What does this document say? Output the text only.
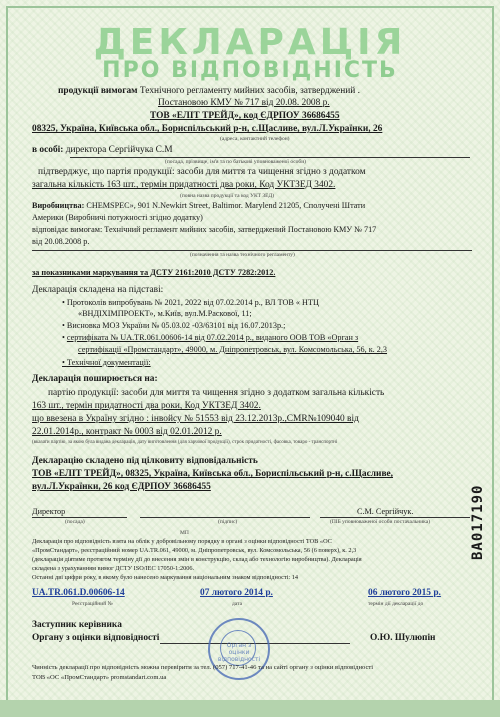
ДЕКЛАРАЦІЯ
ПРО ВІДПОВІДНІСТЬ
продукції вимогам Технічного регламенту мийних засобів, затверджений .
Постановою КМУ № 717 від 20.08. 2008 р.
ТОВ «ЕЛІТ ТРЕЙД», код ЄДРПОУ 36686455
08325, Україна, Київська обл., Бориспільський р-н, с.Щасливе, вул.Л.Українки, 26
(адреса, контактний телефон)
в особі: директора Сергійчука С.М
(посада, прізвище, ім'я та по батькові уповноваженої особи)
підтверджує, що партія продукції: засоби для миття та чищення згідно з додатком
загальна кількість 163 шт., термін придатності два роки, Код УКТЗЕД 3402.
(повна назва продукції та код УКТ ЗЕД)
Виробництва: CHEMSPEC», 901 N.Newkirt Street, Baltimor. Marylend 21205, Сполучені Штати
Америки (Виробничі потужності згідно додатку)
відповідає вимогам: Технічний регламент мийних засобів, затверджений Постановою КМУ № 717
від 20.08.2008 р.
(позначення та назва технічного регламенту)
за показниками маркування та ДСТУ 2161:2010 ДСТУ 7282:2012.
Декларація складена на підставі:
• Протоколів випробувань № 2021, 2022 від 07.02.2014 р., ВЛ ТОВ « НТЦ
«ВНДІХІМПРОЕКТ», м.Київ, вул.М.Раскової, 11;
• Висновка МОЗ України № 05.03.02 -03/63101 від 16.07.2013р.;
• сертифіката № UA.TR.061.00606-14 від 07.02.2014 р., виданого ООВ ТОВ «Орган з
сертифікації «Промстандарт», 49000, м. Дніпропетровськ, вул. Комсомольська, 56, к. 2,3
• Технічної документації:
Декларація поширюється на:
партію продукції: засоби для миття та чищення згідно з додатком загальна кількість
163 шт., термін придатності два роки, Код УКТЗЕД 3402.
що ввезена в Україну згідно : інвойсу № 51553 від 23.12.2013р.,CMR№109040 від
22.01.2014р., контракт № 0003 від 02.01.2012 р.
(вказати партію, за якою була видана декларація, дату виготовлення (для харчової продукції), строк придатності, фасовка, товаро - транспортні
Декларацію складено під цілковиту відповідальність
ТОВ «ЕЛІТ ТРЕЙД», 08325, Україна, Київська обл., Бориспільський р-н, с.Щасливе,
вул.Л.Українки, 26 код ЄДРПОУ 36686455
Директор	С.М. Сергійчук.
(посада)	(підпис)	(ПІБ уповноваженої особи постачальника)
МП
Декларація про відповідність взята на облік у добровільному порядку в органі з оцінки відповідності ТОВ «ОС
«ПромСтандарт», реєстраційний номер UA.TR.061, 49000, м. Дніпропетровськ, вул. Комсомольська, 56 (6 поверх), к. 2,3
(декларація діятиме протягом терміну дії до внесення змін в конструкцію, склад або технологію виробництва). Декларація
складена з урахуванням вимог ДСТУ ISO/IEC 17050-1:2006.
Останні дві цифри року, в якому було нанесено маркування національним знаком відповідності: 14
UA.TR.061.D.00606-14	07 лютого 2014 р.	06 лютого 2015 р.
Реєстраційний №	дата	термін дії декларації до
Заступник керівника
Органу з оцінки відповідності	О.Ю. Шулюпін
Орган з оцінки відповідності
Чинність декларації про відповідність можна перевірити за тел. (057) 717-41-46 та на сайті органу з оцінки відповідності
ТОВ «ОС «ПромСтандарт» promstandart.com.ua
BA017190
